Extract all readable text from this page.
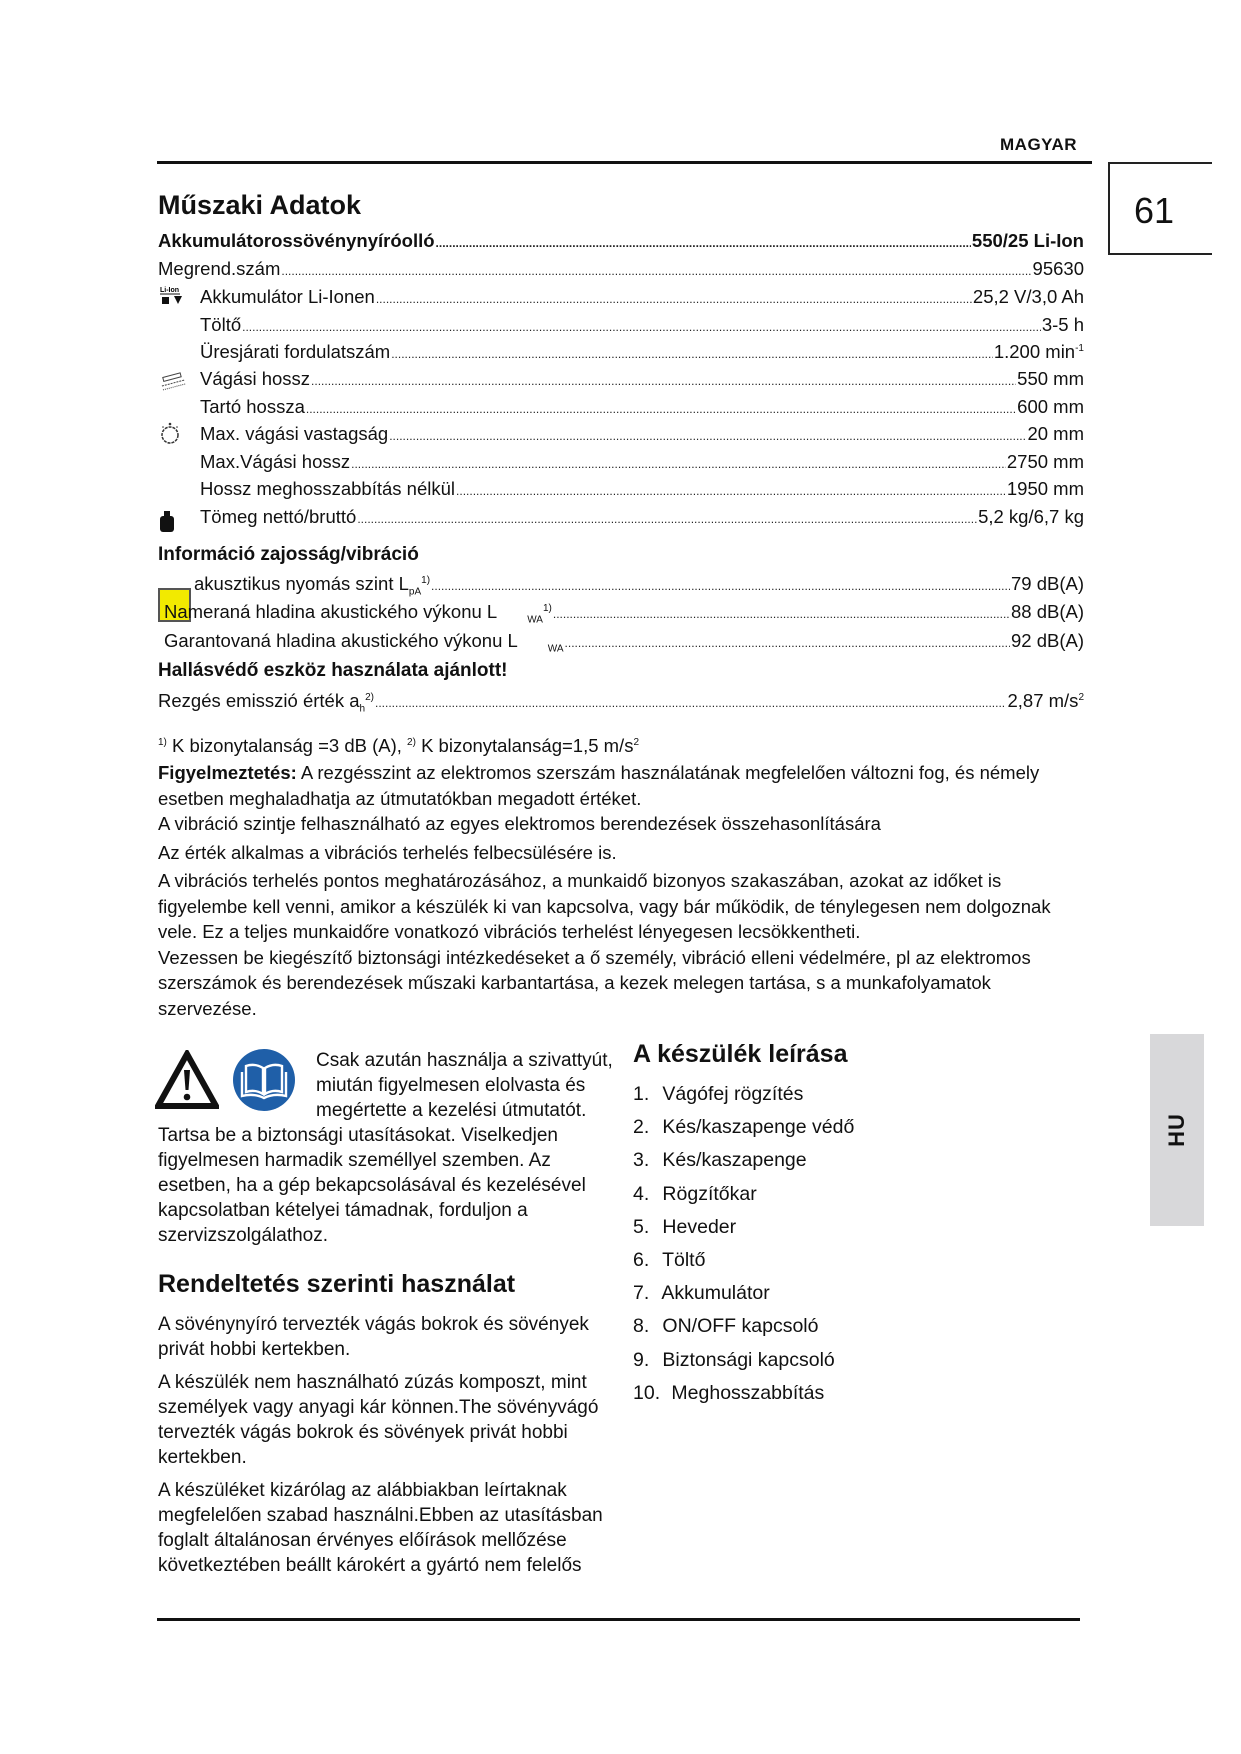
MAGYAR
61
Műszaki Adatok
Akkumulátorossövénynyíróolló .....	550/25 Li-Ion
Megrend.szám .....	95630
Li-Ion Akkumulátor Li-Ionen .....	25,2 V/3,0 Ah
Töltő .....	3-5 h
Üresjárati fordulatszám .....	1.200 $\min^{-1}$
Vágási hossz .....	550 mm
Tartó hossza .....	600 mm
Max. vágási vastagság .....	20 mm
Max.Vágási hossz .....	2750 mm
Hossz meghosszabbítás nélkül .....	1950 mm
Tömeg nettó/bruttó .....	5,2 kg/6,7 kg
Információ zajosság/vibráció
akusztikus nyomás szint $L_{pA}^{1)}$ .....	79 dB(A)
Nameraná hladina akustického výkonu L	$_{WA}^{1)}$ .....	88 dB(A)
Garantovaná hladina akustického výkonu L	$_{WA}$ .....	92 dB(A)
Hallásvédő eszköz használata ajánlott!
Rezgés emisszió érték $a_h^{2)}$ .....	2,87 $m/s^2$
$^{1)}$ K bizonytalanság =3 dB (A), $^{2)}$ K bizonytalanság=1,5 $m/s^2$
Figyelmeztetés: A rezgésszint az elektromos szerszám használatának megfelelően változni fog, és némely esetben meghaladhatja az útmutatókban megadott értéket.
A vibráció szintje felhasználható az egyes elektromos berendezések összehasonlítására
Az érték alkalmas a vibrációs terhelés felbecsülésére is.
A vibrációs terhelés pontos meghatározásához, a munkaidő bizonyos szakaszában, azokat az időket is figyelembe kell venni, amikor a készülék ki van kapcsolva, vagy bár működik, de ténylegesen nem dolgoznak vele. Ez a teljes munkaidőre vonatkozó vibrációs terhelést lényegesen lecsökkentheti.
Vezessen be kiegészítő biztonsági intézkedéseket a ő személy, vibráció elleni védelmére, pl az elektromos szerszámok és berendezések műszaki karbantartása, a kezek melegen tartása, s a munkafolyamatok szervezése.
Csak azután használja a szivattyút, miután figyelmesen elolvasta és megértette a kezelési útmutatót.
Tartsa be a biztonsági utasításokat. Viselkedjen figyelmesen harmadik személlyel szemben. Az esetben, ha a gép bekapcsolásával és kezelésével kapcsolatban kételyei támadnak, forduljon a szervizszolgálathoz.
Rendeltetés szerinti használat

A sövénynyíró tervezték vágás bokrok és sövények privát hobbi kertekben.

A készülék nem használható zúzás komposzt, mint személyek vagy anyagi kár können.The sövényvágó tervezték vágás bokrok és sövények privát hobbi kertekben.

A készüléket kizárólag az alábbiakban leírtaknak megfelelően szabad használni.Ebben az utasításban foglalt általánosan érvényes előírások mellőzése következtében beállt károkért a gyártó nem felelős

A készülék leírása
1. Vágófej rögzítés
2. Kés/kaszapenge védő
3. Kés/kaszapenge
4. Rögzítőkar
5. Heveder
6. Töltő
7. Akkumulátor
8. ON/OFF kapcsoló
9. Biztonsági kapcsoló
10. Meghosszabbítás
HU
